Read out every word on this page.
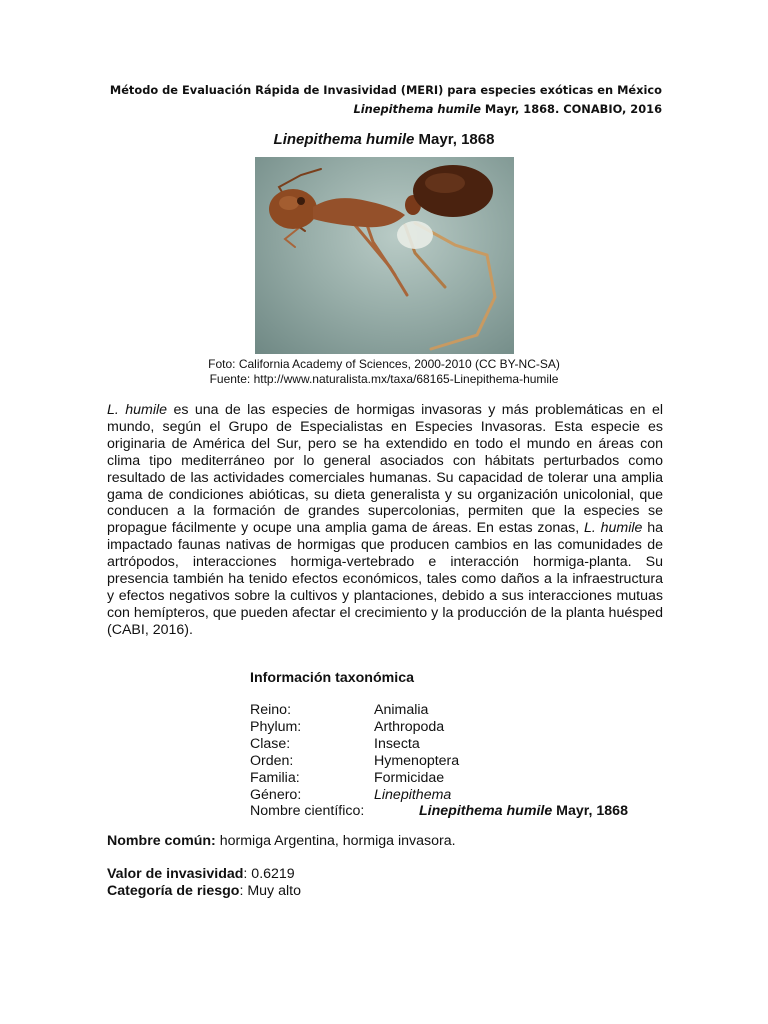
Método de Evaluación Rápida de Invasividad (MERI) para especies exóticas en México
Linepithema humile Mayr, 1868. CONABIO, 2016
Linepithema humile Mayr, 1868
Foto: California Academy of Sciences, 2000-2010 (CC BY-NC-SA)
Fuente: http://www.naturalista.mx/taxa/68165-Linepithema-humile
L. humile es una de las especies de hormigas invasoras y más problemáticas en el mundo, según el Grupo de Especialistas en Especies Invasoras. Esta especie es originaria de América del Sur, pero se ha extendido en todo el mundo en áreas con clima tipo mediterráneo por lo general asociados con hábitats perturbados como resultado de las actividades comerciales humanas. Su capacidad de tolerar una amplia gama de condiciones abióticas, su dieta generalista y su organización unicolonial, que conducen a la formación de grandes supercolonias, permiten que la especies se propague fácilmente y ocupe una amplia gama de áreas. En estas zonas, L. humile ha impactado faunas nativas de hormigas que producen cambios en las comunidades de artrópodos, interacciones hormiga-vertebrado e interacción hormiga-planta. Su presencia también ha tenido efectos económicos, tales como daños a la infraestructura y efectos negativos sobre la cultivos y plantaciones, debido a sus interacciones mutuas con hemípteros, que pueden afectar el crecimiento y la producción de la planta huésped (CABI, 2016).
Información taxonómica
Reino:	Animalia
Phylum:	Arthropoda
Clase:	Insecta
Orden:	Hymenoptera
Familia:	Formicidae
Género:	Linepithema
Nombre científico:	Linepithema humile Mayr, 1868
Nombre común: hormiga Argentina, hormiga invasora.
Valor de invasividad: 0.6219
Categoría de riesgo: Muy alto
